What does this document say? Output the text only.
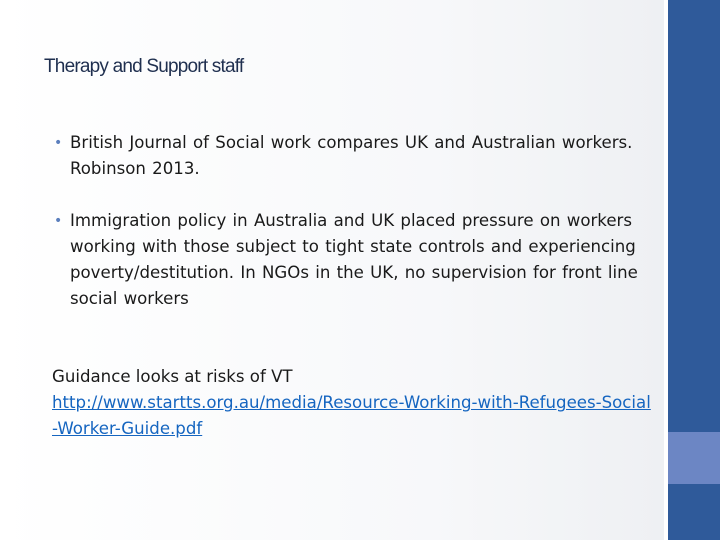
Therapy and Support staff
• British Journal of Social work compares UK and Australian workers. Robinson 2013.
• Immigration policy in Australia and UK placed pressure on workers working with those subject to tight state controls and experiencing poverty/destitution. In NGOs in the UK, no supervision for front line social workers
Guidance looks at risks of VT
http://www.startts.org.au/media/Resource-Working-with-Refugees-Social-Worker-Guide.pdf
